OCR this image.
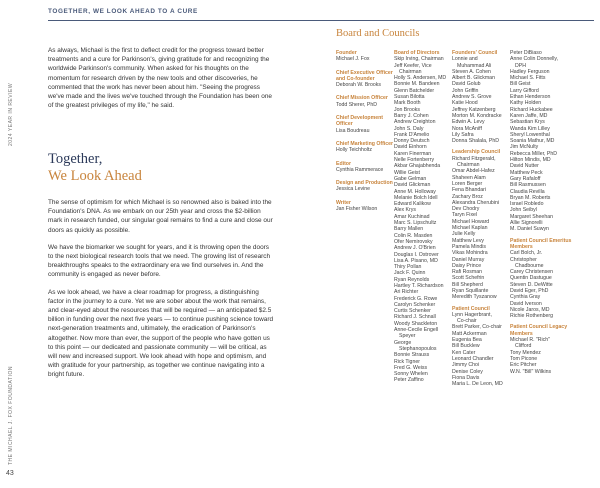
TOGETHER, WE LOOK AHEAD TO A CURE
2024 YEAR IN REVIEW
THE MICHAEL J. FOX FOUNDATION
43

As always, Michael is the first to deflect credit for the progress toward better treatments and a cure for Parkinson's, giving gratitude for and recognizing the worldwide Parkinson's community. When asked for his thoughts on the momentum for research driven by the new tools and other discoveries, he commented that the work has never been about him. "Seeing the progress we've made and the lives we've touched through the Foundation has been one of the greatest privileges of my life," he said.

Together,
We Look Ahead

The sense of optimism for which Michael is so renowned also is baked into the Foundation's DNA. As we embark on our 25th year and cross the $2-billion mark in research funded, our singular goal remains to find a cure and close our doors as quickly as possible.

We have the biomarker we sought for years, and it is throwing open the doors to the next biological research tools that we need. The growing list of research breakthroughs speaks to the extraordinary era we find ourselves in. And the community is engaged as never before.

As we look ahead, we have a clear roadmap for progress, a distinguishing factor in the journey to a cure. Yet we are sober about the work that remains, and clear-eyed about the resources that will be required — an anticipated $2.5 billion in funding over the next five years — to continue pushing science toward next-generation treatments and, ultimately, the eradication of Parkinson's altogether. Now more than ever, the support of the people who have gotten us to this point — our dedicated and passionate community — will be critical, as will new and increased support. We look ahead with hope and optimism, and with gratitude for your partnership, as together we continue navigating into a bright future.

Board and Councils
Founder
Michael J. Fox
Chief Executive Officer and Co-founder
Deborah W. Brooks
Chief Mission Officer
Todd Sherer, PhD
Chief Development Officer
Lisa Boudreau
Chief Marketing Officer
Holly Teichholtz
Editor
Cynthia Rammerace
Design and Production
Jessica Levine
Writer
Jan Fisher Wilson
Board of Directors
Skip Irving, Chairman
Jeff Keefer, Vice
Chairman
Holly S. Andersen, MD
Bonnie M. Bandeen
Glenn Batchelder
Susan Bilotta
Mark Booth
Jon Brooks
Barry J. Cohen
Andrew Creighton
John S. Daly
Frank D'Amelio
Donny Deutsch
David Einhorn
Karen Finerman
Nelle Fortenberry
Akbar Ghajabhenda
Willie Geist
Gabe Gelman
David Glickman
Anne M. Holloway
Melanie Bolch Idell
Edward Kalikow
Alex Krys
Amar Kuchinad
Marc S. Lipschultz
Barry Mallen
Colin R. Masden
Ofer Nemirovsky
Andrew J. O'Brien
Douglas I. Ostrover
Lisa A. Pisano, MD
Thiry Pollan
Jack F. Quinn
Ryan Reynolds
Hartley T. Richardson
Ari Richter
Frederick G. Rowe
Carolyn Schenker
Curtis Schenker
Richard J. Schnall
Woody Shackleton
Anne-Cecile Engell
Speyer
George
Stephanopoulos
Bonnie Strauss
Rick Tigner
Fred G. Weiss
Sonny Whelen
Peter Zaffino
Founders' Council
Lonnie and
Muhammad Ali
Steven A. Cohen
Albert B. Glickman
David Golub
John Griffin
Andrew S. Grove
Katie Hood
Jeffrey Katzenberg
Morton M. Kondracke
Edwin A. Levy
Nora McAniff
Lily Safra
Donna Shalala, PhD
Leadership Council
Richard Fitzgerald,
Chairman
Omar Abdel-Hafez
Shaheen Alam
Loren Berger
Fena Bhandari
Zachary Broz
Alexandra Cherubini
Dev Chodry
Taryn Fixel
Michael Howard
Michael Kaplan
Julie Kelly
Matthew Levy
Pamela Mindis
Vikas Mohindra
Daniel Murray
Daisy Prince
Rafi Rosman
Scott Schefrin
Bill Shepherd
Ryan Squillante
Meredith Tyszanow
Patient Council
Lynn Hagerbrant,
Co-chair
Brett Parker, Co-chair
Matt Ackerman
Eugenia Bea
Bill Bucklew
Ken Cater
Leonard Chandler
Jimmy Choi
Denise Coley
Fiona Davis
Maria L. De Leon, MD
Peter DiBiaso
Anne Colin Donnelly,
DPH
Hadley Ferguson
Michael S. Fitts
Bill Geist
Larry Gifford
Ethan Henderson
Kathy Holden
Richard Huckabee
Karen Jaffe, MD
Sebastian Krys
Wanda Kim Lilley
Sheryl Lowenthal
Soania Mathur, MD
Jim McNulty
Rebecca Miller, PhD
Hilton Mindis, MD
David Nutter
Matthew Peck
Gary Rafaloff
Bill Rasmussen
Claudia Revilla
Bryan M. Roberts
Israel Robledo
John Seibyl
Margaret Sheehan
Allie Signorelli
M. Daniel Suwyn
Patient Council Emeritus Members
Carl Bolch, Jr.
Christopher
Chadbourne
Carey Christensen
Quentin Dastugue
Steven D. DeWitte
David Eger, PhD
Cynthia Gray
David Iverson
Nicole Jaros, MD
Richie Rothenberg
Patient Council Legacy Members
Michael R. "Rich"
Clifford
Tony Mendez
Tom Picone
Eric Pitcher
W.N. "Bill" Wilkins
